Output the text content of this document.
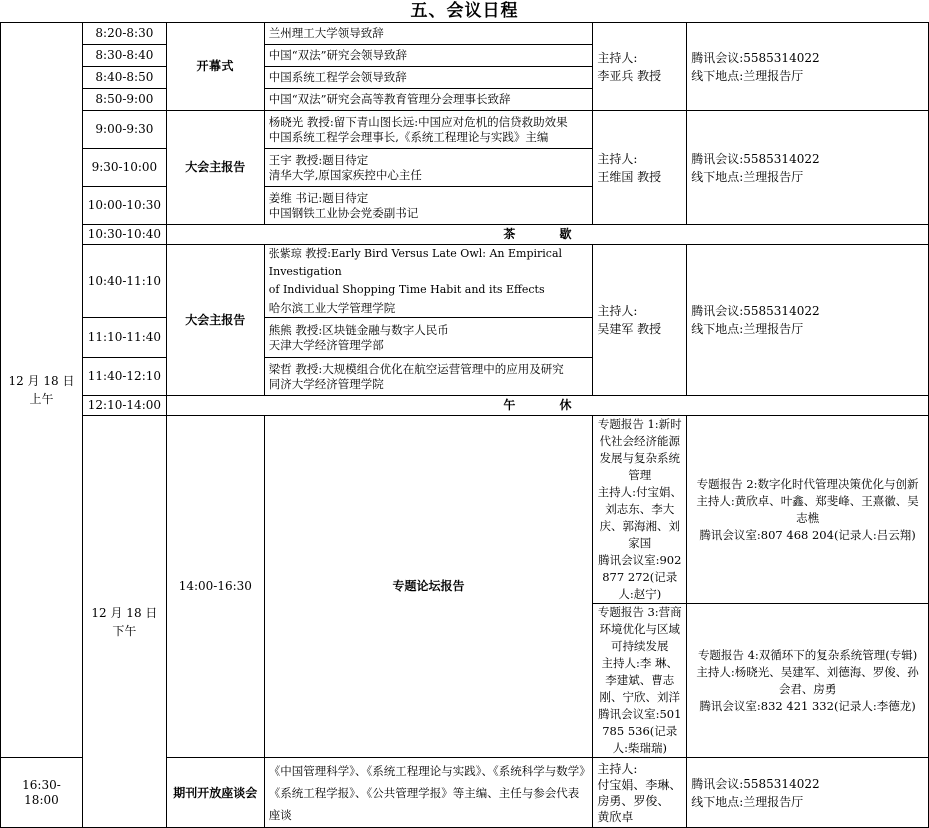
五、会议日程
12 月 18 日
上午	8:20-8:30	开幕式	兰州理工大学领导致辞	主持人:
李亚兵 教授	腾讯会议:5585314022
线下地点:兰理报告厅

	8:30-8:40		中国“双法”研究会领导致辞		
	8:40-8:50		中国系统工程学会领导致辞		
	8:50-9:00		中国“双法”研究会高等教育管理分会理事长致辞		
	9:00-9:30	大会主报告	杨晓光 教授:留下青山图长远:中国应对危机的信贷救助效果
中国系统工程学会理事长,《系统工程理论与实践》主编	主持人:
王维国 教授	腾讯会议:5585314022
线下地点:兰理报告厅

	9:30-10:00		王宇 教授:题目待定
清华大学,原国家疾控中心主任		

	10:00-10:30		姜维 书记:题目待定
中国钢铁工业协会党委副书记		

	10:30-10:40	茶 歇			
	10:40-11:10	大会主报告	张紫琼 教授:Early Bird Versus Late Owl: An Empirical Investigation
of Individual Shopping Time Habit and its Effects
哈尔滨工业大学管理学院	主持人:
吴建军 教授	腾讯会议:5585314022
线下地点:兰理报告厅

	11:10-11:40		熊熊 教授:区块链金融与数字人民币
天津大学经济管理学部		

	11:40-12:10		梁哲 教授:大规模组合优化在航空运营管理中的应用及研究
同济大学经济管理学院		

	12:10-14:00	午 休			

	12 月 18 日
下午	14:00-16:30	专题论坛报告	专题报告 1:新时代社会经济能源发展与复杂系统管理
主持人:付宝娟、刘志东、李大庆、郭海湘、刘家国
腾讯会议室:902 877 272(记录人:赵宁)	专题报告 2:数字化时代管理决策优化与创新
主持人:黄欣卓、叶鑫、郑斐峰、王熹徽、吴志樵
腾讯会议室:807 468 204(记录人:吕云翔)

				专题报告 3:营商环境优化与区域可持续发展
主持人:李 琳、李建斌、曹志刚、宁欣、刘洋
腾讯会议室:501 785 536(记录人:柴瑞瑞)	专题报告 4:双循环下的复杂系统管理(专辑)
主持人:杨晓光、吴建军、刘德海、罗俊、孙会君、房勇
腾讯会议室:832 421 332(记录人:李德龙)

16:30-18:00		期刊开放座谈会	《中国管理科学》、《系统工程理论与实践》、《系统科学与数学》
《系统工程学报》、《公共管理学报》等主编、主任与参会代表座谈	主持人:
付宝娟、李琳、
房勇、罗俊、
黄欣卓	腾讯会议:5585314022
线下地点:兰理报告厅
